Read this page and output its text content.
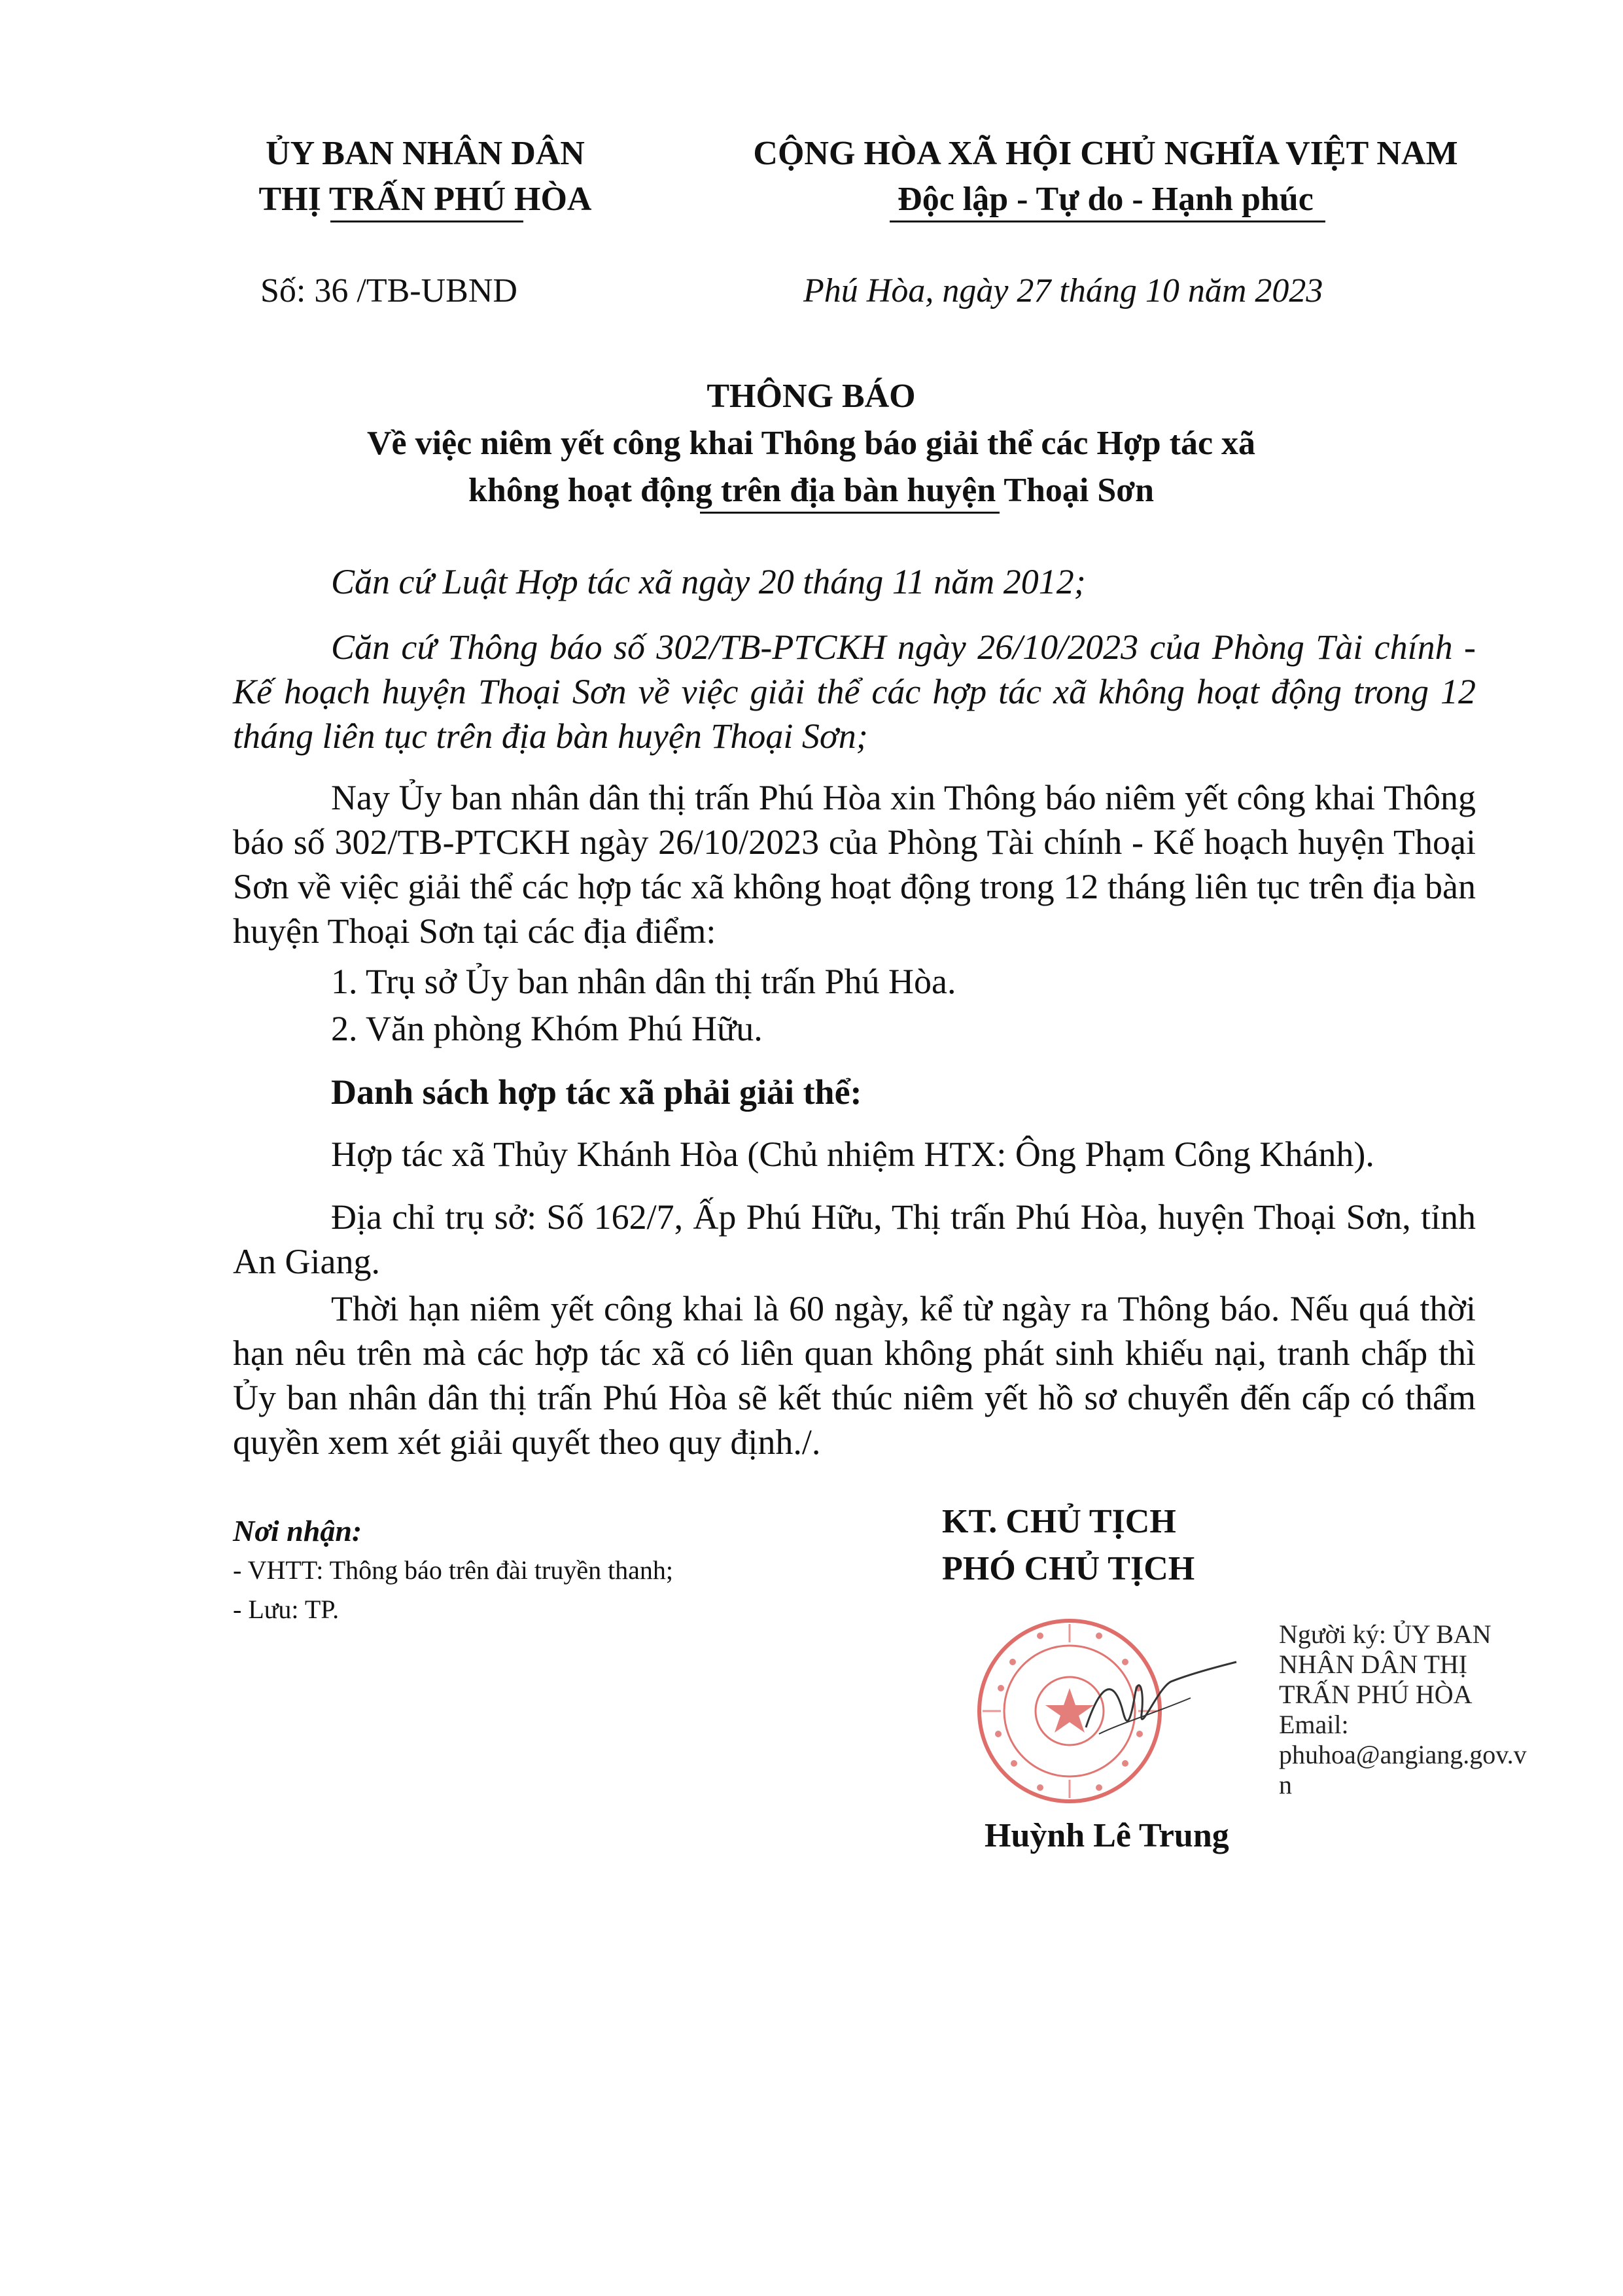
ỦY BAN NHÂN DÂN
THỊ TRẤN PHÚ HÒA
CỘNG HÒA XÃ HỘI CHỦ NGHĨA VIỆT NAM
Độc lập - Tự do - Hạnh phúc
Số: 36 /TB-UBND	Phú Hòa, ngày 27 tháng 10 năm 2023
THÔNG BÁO
Về việc niêm yết công khai Thông báo giải thể các Hợp tác xã
không hoạt động trên địa bàn huyện Thoại Sơn
Căn cứ Luật Hợp tác xã ngày 20 tháng 11 năm 2012;
Căn cứ Thông báo số 302/TB-PTCKH ngày 26/10/2023 của Phòng Tài chính - Kế hoạch huyện Thoại Sơn về việc giải thể các hợp tác xã không hoạt động trong 12 tháng liên tục trên địa bàn huyện Thoại Sơn;
Nay Ủy ban nhân dân thị trấn Phú Hòa xin Thông báo niêm yết công khai Thông báo số 302/TB-PTCKH ngày 26/10/2023 của Phòng Tài chính - Kế hoạch huyện Thoại Sơn về việc giải thể các hợp tác xã không hoạt động trong 12 tháng liên tục trên địa bàn huyện Thoại Sơn tại các địa điểm:
1. Trụ sở Ủy ban nhân dân thị trấn Phú Hòa.
2. Văn phòng Khóm Phú Hữu.
Danh sách hợp tác xã phải giải thể:
Hợp tác xã Thủy Khánh Hòa (Chủ nhiệm HTX: Ông Phạm Công Khánh).
Địa chỉ trụ sở: Số 162/7, Ấp Phú Hữu, Thị trấn Phú Hòa, huyện Thoại Sơn, tỉnh An Giang.
Thời hạn niêm yết công khai là 60 ngày, kể từ ngày ra Thông báo. Nếu quá thời hạn nêu trên mà các hợp tác xã có liên quan không phát sinh khiếu nại, tranh chấp thì Ủy ban nhân dân thị trấn Phú Hòa sẽ kết thúc niêm yết hồ sơ chuyển đến cấp có thẩm quyền xem xét giải quyết theo quy định./.
Nơi nhận:
- VHTT: Thông báo trên đài truyền thanh;
- Lưu: TP.
KT. CHỦ TỊCH
PHÓ CHỦ TỊCH
Người ký: ỦY BAN
NHÂN DÂN THỊ
TRẤN PHÚ HÒA
Email:
phuhoa@angiang.gov.v
n
Huỳnh Lê Trung
